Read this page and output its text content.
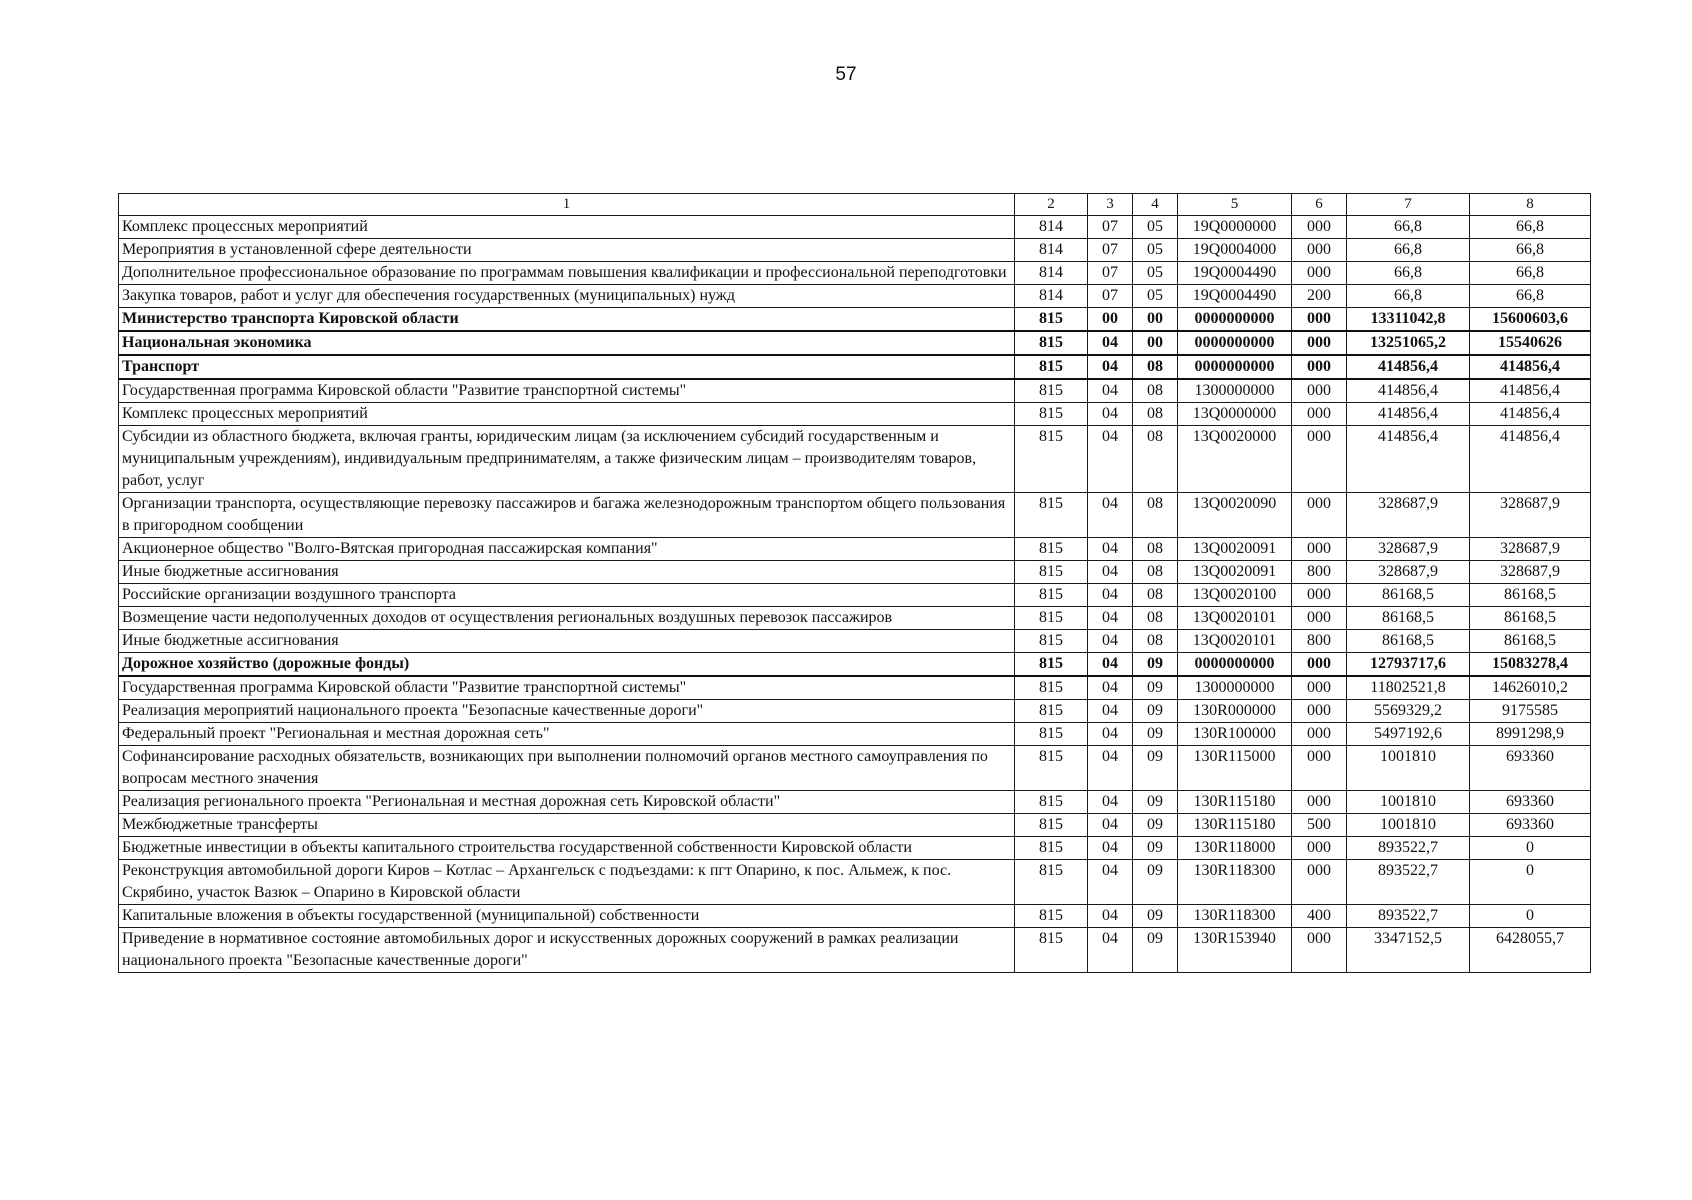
57
1	2	3	4	5	6	7	8
Комплекс процессных мероприятий	814	07	05	19Q0000000	000	66,8	66,8
Мероприятия в установленной сфере деятельности	814	07	05	19Q0004000	000	66,8	66,8
Дополнительное профессиональное образование по программам повышения квалификации и профессиональной переподготовки	814	07	05	19Q0004490	000	66,8	66,8
Закупка товаров, работ и услуг для обеспечения государственных (муниципальных) нужд	814	07	05	19Q0004490	200	66,8	66,8
Министерство транспорта Кировской области	815	00	00	0000000000	000	13311042,8	15600603,6
Национальная экономика	815	04	00	0000000000	000	13251065,2	15540626
Транспорт	815	04	08	0000000000	000	414856,4	414856,4
Государственная программа Кировской области "Развитие транспортной системы"	815	04	08	1300000000	000	414856,4	414856,4
Комплекс процессных мероприятий	815	04	08	13Q0000000	000	414856,4	414856,4
Субсидии из областного бюджета, включая гранты, юридическим лицам (за исключением субсидий государственным и муниципальным учреждениям), индивидуальным предпринимателям, а также физическим лицам – производителям товаров, работ, услуг	815	04	08	13Q0020000	000	414856,4	414856,4
Организации транспорта, осуществляющие перевозку пассажиров и багажа железнодорожным транспортом общего пользования в пригородном сообщении	815	04	08	13Q0020090	000	328687,9	328687,9
Акционерное общество "Волго-Вятская пригородная пассажирская компания"	815	04	08	13Q0020091	000	328687,9	328687,9
Иные бюджетные ассигнования	815	04	08	13Q0020091	800	328687,9	328687,9
Российские организации воздушного транспорта	815	04	08	13Q0020100	000	86168,5	86168,5
Возмещение части недополученных доходов от осуществления региональных воздушных перевозок пассажиров	815	04	08	13Q0020101	000	86168,5	86168,5
Иные бюджетные ассигнования	815	04	08	13Q0020101	800	86168,5	86168,5
Дорожное хозяйство (дорожные фонды)	815	04	09	0000000000	000	12793717,6	15083278,4
Государственная программа Кировской области "Развитие транспортной системы"	815	04	09	1300000000	000	11802521,8	14626010,2
Реализация мероприятий национального проекта "Безопасные качественные дороги"	815	04	09	130R000000	000	5569329,2	9175585
Федеральный проект "Региональная и местная дорожная сеть"	815	04	09	130R100000	000	5497192,6	8991298,9
Софинансирование расходных обязательств, возникающих при выполнении полномочий органов местного самоуправления по вопросам местного значения	815	04	09	130R115000	000	1001810	693360
Реализация регионального проекта "Региональная и местная дорожная сеть Кировской области"	815	04	09	130R115180	000	1001810	693360
Межбюджетные трансферты	815	04	09	130R115180	500	1001810	693360
Бюджетные инвестиции в объекты капитального строительства государственной собственности Кировской области	815	04	09	130R118000	000	893522,7	0
Реконструкция автомобильной дороги Киров – Котлас – Архангельск с подъездами: к пгт Опарино, к пос. Альмеж, к пос. Скрябино, участок Вазюк – Опарино в Кировской области	815	04	09	130R118300	000	893522,7	0
Капитальные вложения в объекты государственной (муниципальной) собственности	815	04	09	130R118300	400	893522,7	0
Приведение в нормативное состояние автомобильных дорог и искусственных дорожных сооружений в рамках реализации национального проекта "Безопасные качественные дороги"	815	04	09	130R153940	000	3347152,5	6428055,7
